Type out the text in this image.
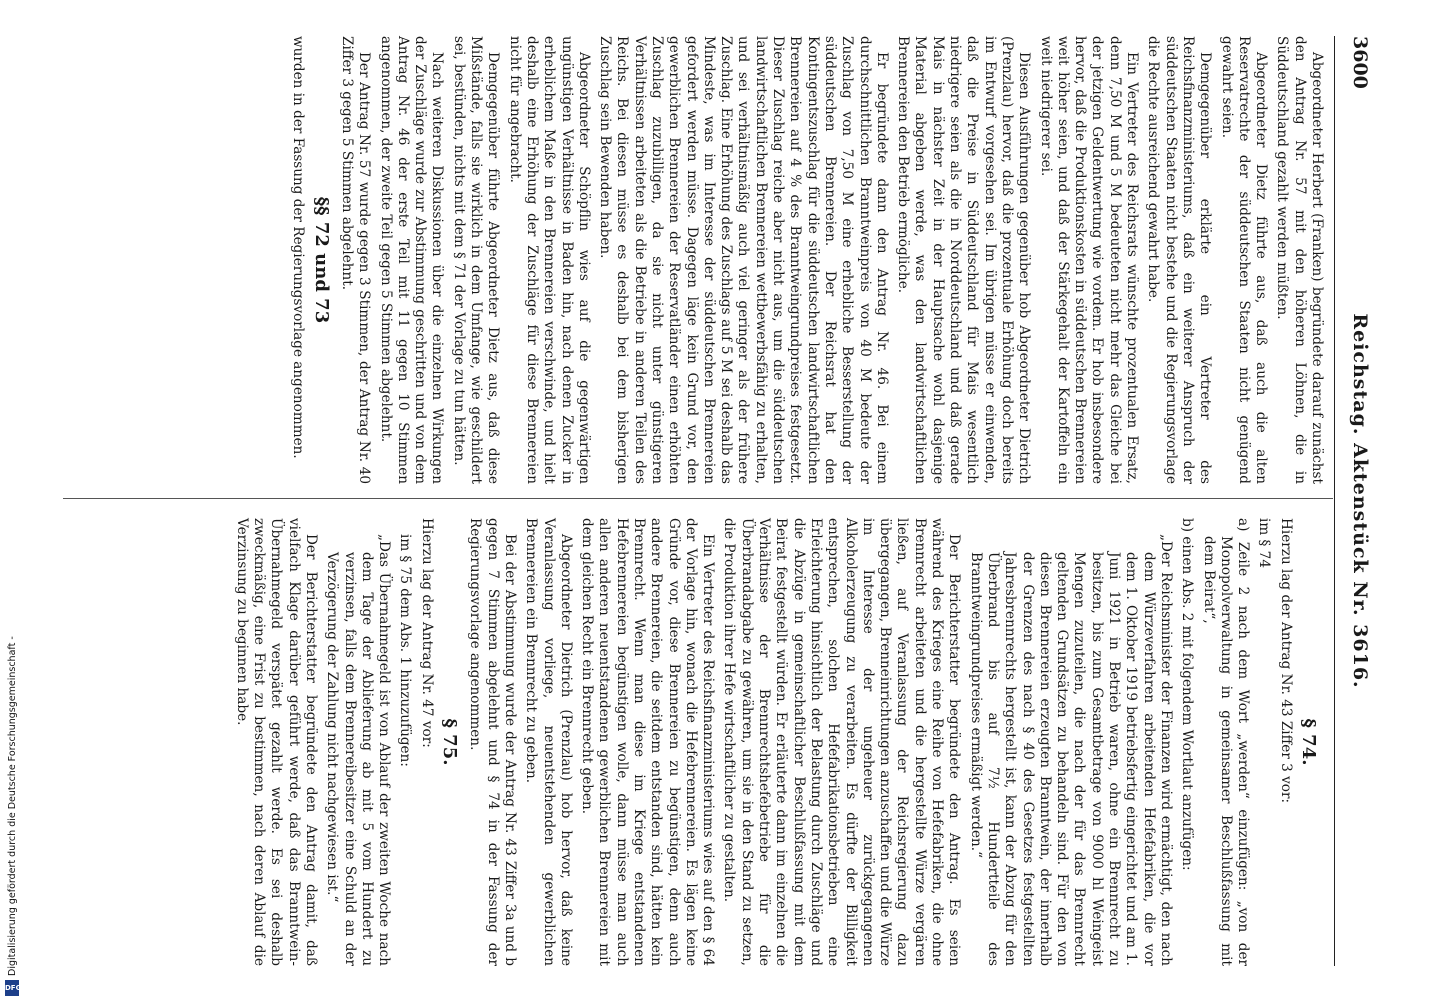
3600
Reichstag. Aktenstück Nr. 3616.

Abgeordneter Herbert (Franken) begründete darauf zunächst den Antrag Nr. 57 mit den höheren Löhnen, die in Süddeutschland gezahlt werden müßten.

Abgeordneter Dietz führte aus, daß auch die alten Reservatrechte der süddeutschen Staaten nicht genügend gewahrt seien.

Demgegenüber erklärte ein Vertreter des Reichsfinanzministeriums, daß ein weiterer Anspruch der süddeutschen Staaten nicht bestehe und die Regierungsvorlage die Rechte ausreichend gewahrt habe.

Ein Vertreter des Reichsrats wünschte prozentualen Ersatz, denn 7,50 M und 5 M bedeuteten nicht mehr das Gleiche bei der jetzigen Geldentwertung wie vordem. Er hob insbesondere hervor, daß die Produktionskosten in süddeutschen Brennereien weit höher seien, und daß der Stärkegehalt der Kartoffeln ein weit niedrigerer sei.

Diesen Ausführungen gegenüber hob Abgeordneter Dietrich (Prenzlau) hervor, daß die prozentuale Erhöhung doch bereits im Entwurf vorgesehen sei. Im übrigen müsse er einwenden, daß die Preise in Süddeutschland für Mais wesentlich niedrigere seien als die in Norddeutschland und daß gerade Mais in nächster Zeit in der Hauptsache wohl dasjenige Material abgeben werde, was den landwirtschaftlichen Brennereien den Betrieb ermögliche.

Er begründete dann den Antrag Nr. 46. Bei einem durchschnittlichen Branntweinpreis von 40 M bedeute der Zuschlag von 7,50 M eine erhebliche Besserstellung der süddeutschen Brennereien. Der Reichsrat hat den Kontingentszuschlag für die süddeutschen landwirtschaftlichen Brennereien auf 4 % des Branntweingrundpreises festgesetzt. Dieser Zuschlag reiche aber nicht aus, um die süddeutschen landwirtschaftlichen Brennereien wettbewerbsfähig zu erhalten, und sei verhältnismäßig auch viel geringer als der frühere Zuschlag. Eine Erhöhung des Zuschlags auf 5 M sei deshalb das Mindeste, was im Interesse der süddeutschen Brennereien gefordert werden müsse. Dagegen läge kein Grund vor, den gewerblichen Brennereien der Reservatländer einen erhöhten Zuschlag zuzubilligen, da sie nicht unter günstigeren Verhältnissen arbeiteten als die Betriebe in anderen Teilen des Reichs. Bei diesen müsse es deshalb bei dem bisherigen Zuschlag sein Bewenden haben.

Abgeordneter Schöpflin wies auf die gegenwärtigen ungünstigen Verhältnisse in Baden hin, nach denen Zucker in erheblichem Maße in den Brennereien verschwinde, und hielt deshalb eine Erhöhung der Zuschläge für diese Brennereien nicht für angebracht.

Demgegenüber führte Abgeordneter Dietz aus, daß diese Mißstände, falls sie wirklich in dem Umfange, wie geschildert sei, bestünden, nichts mit dem § 71 der Vorlage zu tun hätten.

Nach weiteren Diskussionen über die einzelnen Wirkungen der Zuschläge wurde zur Abstimmung geschritten und von dem Antrag Nr. 46 der erste Teil mit 11 gegen 10 Stimmen angenommen, der zweite Teil gegen 5 Stimmen abgelehnt.

Der Antrag Nr. 57 wurde gegen 3 Stimmen, der Antrag Nr. 40 Ziffer 3 gegen 5 Stimmen abgelehnt.

§§ 72 und 73

wurden in der Fassung der Regierungsvorlage angenommen.

§ 74.

Hierzu lag der Antrag Nr. 43 Ziffer 3 vor:

im § 74

a) Zeile 2 nach dem Wort „werden“ einzufügen: „von der Monopolverwaltung in gemeinsamer Beschlußfassung mit dem Beirat“,

b) einen Abs. 2 mit folgendem Wortlaut anzufügen:

„Der Reichsminister der Finanzen wird ermächtigt, den nach dem Würzeverfahren arbeitenden Hefefabriken, die vor dem 1. Oktober 1919 betriebsfertig eingerichtet und am 1. Juni 1921 in Betrieb waren, ohne ein Brennrecht zu besitzen, bis zum Gesamtbetrage von 9000 hl Weingeist Mengen zuzuteilen, die nach der für das Brennrecht geltenden Grundsätzen zu behandeln sind. Für den von diesen Brennereien erzeugten Branntwein, der innerhalb der Grenzen des nach § 40 des Gesetzes festgestellten Jahresbrennrechts hergestellt ist, kann der Abzug für den Überbrand bis auf 7½ Hundertteile des Branntweingrundpreises ermäßigt werden.“

Der Berichterstatter begründete den Antrag. Es seien während des Krieges eine Reihe von Hefefabriken, die ohne Brennrecht arbeiteten und die hergestellte Würze vergären ließen, auf Veranlassung der Reichsregierung dazu übergegangen, Brenneinrichtungen anzuschaffen und die Würze im Interesse der ungeheuer zurückgegangenen Alkoholerzeugung zu verarbeiten. Es dürfte der Billigkeit entsprechen, solchen Hefefabrikationsbetrieben eine Erleichterung hinsichtlich der Belastung durch Zuschläge und die Abzüge in gemeinschaftlicher Beschlußfassung mit dem Beirat festgestellt würden. Er erläuterte dann im einzelnen die Verhältnisse der Brennrechtshefebetriebe für die Überbrandabgabe zu gewähren, um sie in den Stand zu setzen, die Produktion ihrer Hefe wirtschaftlicher zu gestalten.

Ein Vertreter des Reichsfinanzministeriums wies auf den § 64 der Vorlage hin, wonach die Hefebrennereien. Es lägen keine Gründe vor, diese Brennereien zu begünstigen, denn auch andere Brennereien, die seitdem entstanden sind, hätten kein Brennrecht. Wenn man diese im Kriege entstandenen Hefebrennereien begünstigen wolle, dann müsse man auch allen anderen neuentstandenen gewerblichen Brennereien mit dem gleichen Recht ein Brennrecht geben.

Abgeordneter Dietrich (Prenzlau) hob hervor, daß keine Veranlassung vorliege, neuentstehenden gewerblichen Brennereien ein Brennrecht zu geben.

Bei der Abstimmung wurde der Antrag Nr. 43 Ziffer 3a und b gegen 7 Stimmen abgelehnt und § 74 in der Fassung der Regierungsvorlage angenommen.

§ 75.

Hierzu lag der Antrag Nr. 47 vor:

im § 75 dem Abs. 1 hinzuzufügen:

„Das Übernahmegeld ist von Ablauf der zweiten Woche nach dem Tage der Ablieferung ab mit 5 vom Hundert zu verzinsen, falls dem Brennereibesitzer eine Schuld an der Verzögerung der Zahlung nicht nachgewiesen ist.“

Der Berichterstatter begründete den Antrag damit, daß vielfach Klage darüber geführt werde, daß das Branntwein-Übernahmegeld verspätet gezahlt werde. Es sei deshalb zweckmäßig, eine Frist zu bestimmen, nach deren Ablauf die Verzinsung zu beginnen habe.

Digitalisierung gefördert durch die Deutsche Forschungsgemeinschaft -
DFG
